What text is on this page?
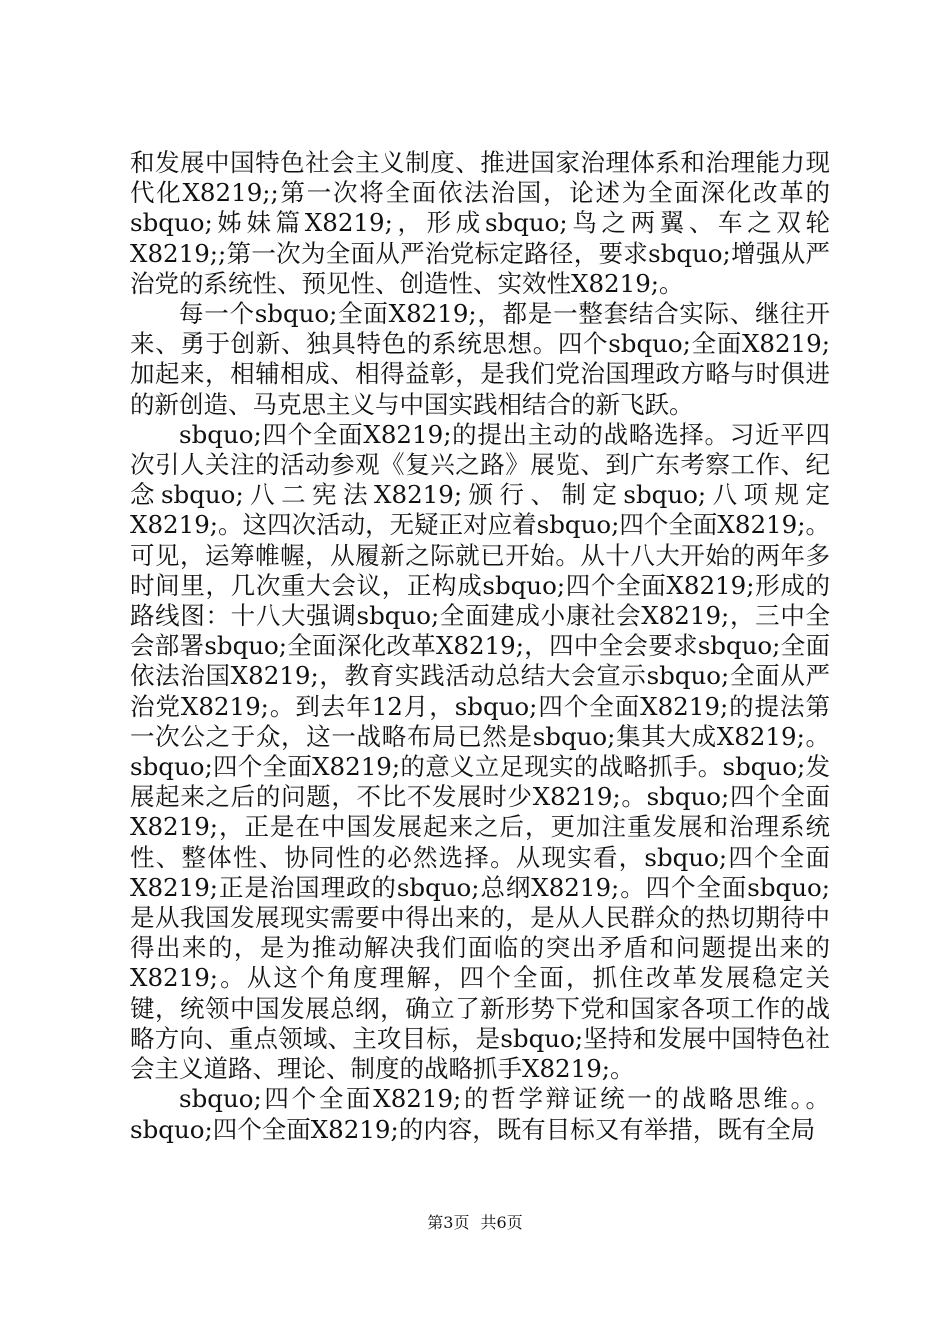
和发展中国特色社会主义制度、推进国家治理体系和治理能力现代化X8219;;第一次将全面依法治国，论述为全面深化改革的sbquo;姊妹篇X8219;，形成sbquo;鸟之两翼、车之双轮X8219;;第一次为全面从严治党标定路径，要求sbquo;增强从严治党的系统性、预见性、创造性、实效性X8219;。

每一个sbquo;全面X8219;，都是一整套结合实际、继往开来、勇于创新、独具特色的系统思想。四个sbquo;全面X8219;加起来，相辅相成、相得益彰，是我们党治国理政方略与时俱进的新创造、马克思主义与中国实践相结合的新飞跃。

sbquo;四个全面X8219;的提出主动的战略选择。习近平四次引人关注的活动参观《复兴之路》展览、到广东考察工作、纪念sbquo;八二宪法X8219;颁行、制定sbquo;八项规定X8219;。这四次活动，无疑正对应着sbquo;四个全面X8219;。可见，运筹帷幄，从履新之际就已开始。从十八大开始的两年多时间里，几次重大会议，正构成sbquo;四个全面X8219;形成的路线图：十八大强调sbquo;全面建成小康社会X8219;，三中全会部署sbquo;全面深化改革X8219;，四中全会要求sbquo;全面依法治国X8219;，教育实践活动总结大会宣示sbquo;全面从严治党X8219;。到去年12月，sbquo;四个全面X8219;的提法第一次公之于众，这一战略布局已然是sbquo;集其大成X8219;。sbquo;四个全面X8219;的意义立足现实的战略抓手。sbquo;发展起来之后的问题，不比不发展时少X8219;。sbquo;四个全面X8219;，正是在中国发展起来之后，更加注重发展和治理系统性、整体性、协同性的必然选择。从现实看，sbquo;四个全面X8219;正是治国理政的sbquo;总纲X8219;。四个全面sbquo;是从我国发展现实需要中得出来的，是从人民群众的热切期待中得出来的，是为推动解决我们面临的突出矛盾和问题提出来的X8219;。从这个角度理解，四个全面，抓住改革发展稳定关键，统领中国发展总纲，确立了新形势下党和国家各项工作的战略方向、重点领域、主攻目标，是sbquo;坚持和发展中国特色社会主义道路、理论、制度的战略抓手X8219;。

sbquo;四个全面X8219;的哲学辩证统一的战略思维。。sbquo;四个全面X8219;的内容，既有目标又有举措，既有全局

第3页 共6页
